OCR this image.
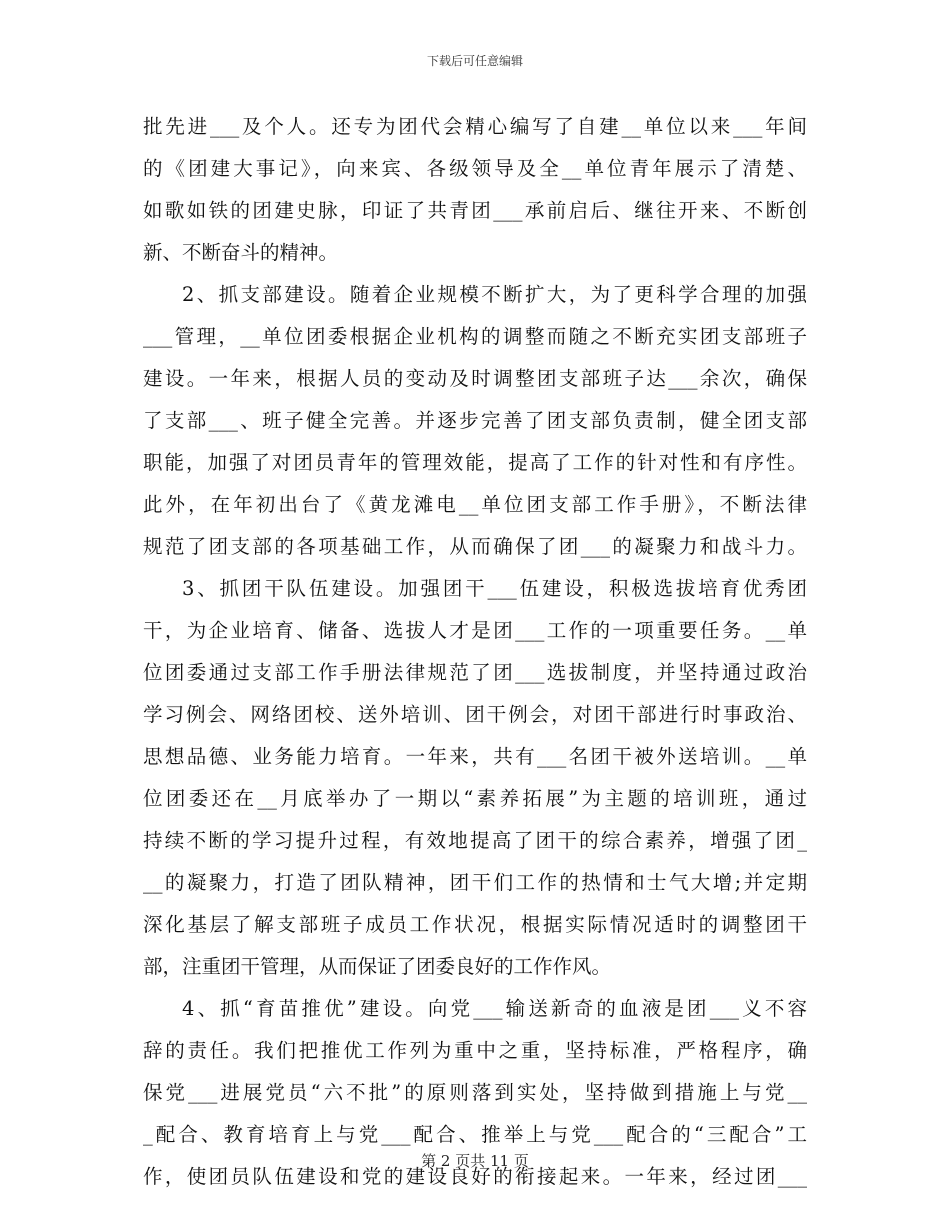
下载后可任意编辑
批先进___及个人。还专为团代会精心编写了自建__单位以来___年间
的《团建大事记》，向来宾、各级领导及全__单位青年展示了清楚、
如歌如铁的团建史脉，印证了共青团___承前启后、继往开来、不断创
新、不断奋斗的精神。
2、抓支部建设。随着企业规模不断扩大，为了更科学合理的加强
___管理，__单位团委根据企业机构的调整而随之不断充实团支部班子
建设。一年来，根据人员的变动及时调整团支部班子达___余次，确保
了支部___、班子健全完善。并逐步完善了团支部负责制，健全团支部
职能，加强了对团员青年的管理效能，提高了工作的针对性和有序性。
此外，在年初出台了《黄龙滩电__单位团支部工作手册》，不断法律
规范了团支部的各项基础工作，从而确保了团___的凝聚力和战斗力。
3、抓团干队伍建设。加强团干___伍建设，积极选拔培育优秀团
干，为企业培育、储备、选拔人才是团___工作的一项重要任务。__单
位团委通过支部工作手册法律规范了团___选拔制度，并坚持通过政治
学习例会、网络团校、送外培训、团干例会，对团干部进行时事政治、
思想品德、业务能力培育。一年来，共有___名团干被外送培训。__单
位团委还在__月底举办了一期以“素养拓展”为主题的培训班，通过
持续不断的学习提升过程，有效地提高了团干的综合素养，增强了团_
__的凝聚力，打造了团队精神，团干们工作的热情和士气大增;并定期
深化基层了解支部班子成员工作状况，根据实际情况适时的调整团干
部，注重团干管理，从而保证了团委良好的工作作风。
4、抓“育苗推优”建设。向党___输送新奇的血液是团___义不容
辞的责任。我们把推优工作列为重中之重，坚持标准，严格程序，确
保党___进展党员“六不批”的原则落到实处，坚持做到措施上与党__
_配合、教育培育上与党___配合、推举上与党___配合的“三配合”工
作，使团员队伍建设和党的建设良好的衔接起来。一年来，经过团___
第 2 页共 11 页
